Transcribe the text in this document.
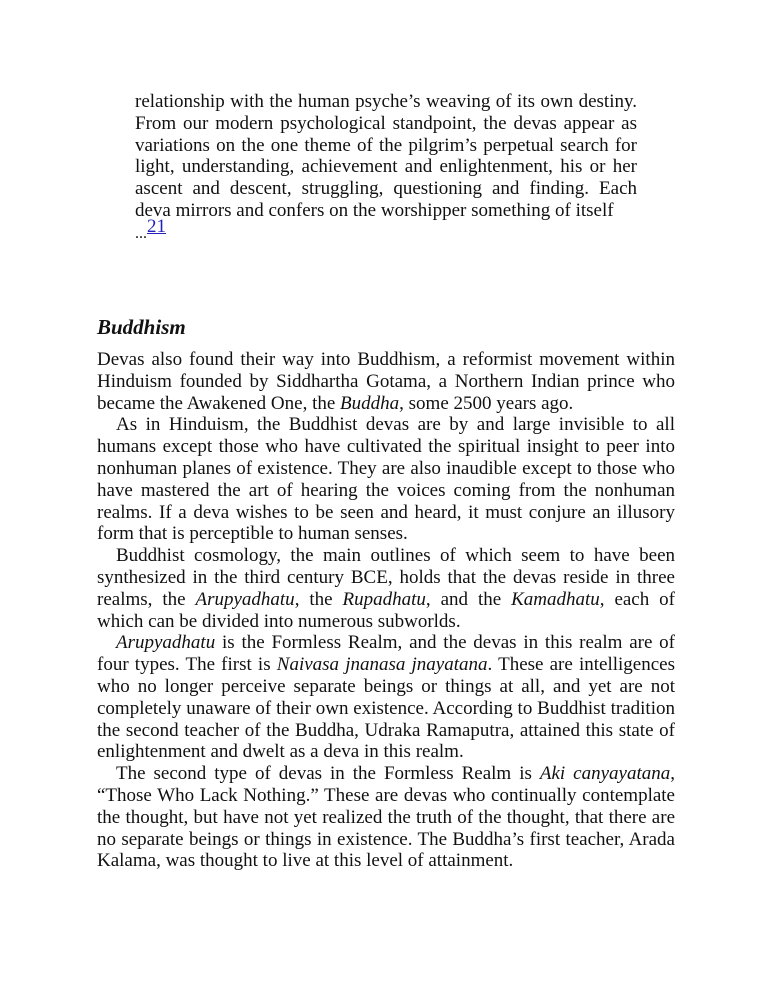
relationship with the human psyche’s weaving of its own destiny. From our modern psychological standpoint, the devas appear as variations on the one theme of the pilgrim’s perpetual search for light, understanding, achievement and enlightenment, his or her ascent and descent, struggling, questioning and finding. Each deva mirrors and confers on the worshipper something of itself
...21
Buddhism

Devas also found their way into Buddhism, a reformist movement within Hinduism founded by Siddhartha Gotama, a Northern Indian prince who became the Awakened One, the Buddha, some 2500 years ago.

As in Hinduism, the Buddhist devas are by and large invisible to all humans except those who have cultivated the spiritual insight to peer into nonhuman planes of existence. They are also inaudible except to those who have mastered the art of hearing the voices coming from the nonhuman realms. If a deva wishes to be seen and heard, it must conjure an illusory form that is perceptible to human senses.

Buddhist cosmology, the main outlines of which seem to have been synthesized in the third century BCE, holds that the devas reside in three realms, the Arupyadhatu, the Rupadhatu, and the Kamadhatu, each of which can be divided into numerous subworlds.

Arupyadhatu is the Formless Realm, and the devas in this realm are of four types. The first is Naivasa jnanasa jnayatana. These are intelligences who no longer perceive separate beings or things at all, and yet are not completely unaware of their own existence. According to Buddhist tradition the second teacher of the Buddha, Udraka Ramaputra, attained this state of enlightenment and dwelt as a deva in this realm.

The second type of devas in the Formless Realm is Aki canyayatana, “Those Who Lack Nothing.” These are devas who continually contemplate the thought, but have not yet realized the truth of the thought, that there are no separate beings or things in existence. The Buddha’s first teacher, Arada Kalama, was thought to live at this level of attainment.
